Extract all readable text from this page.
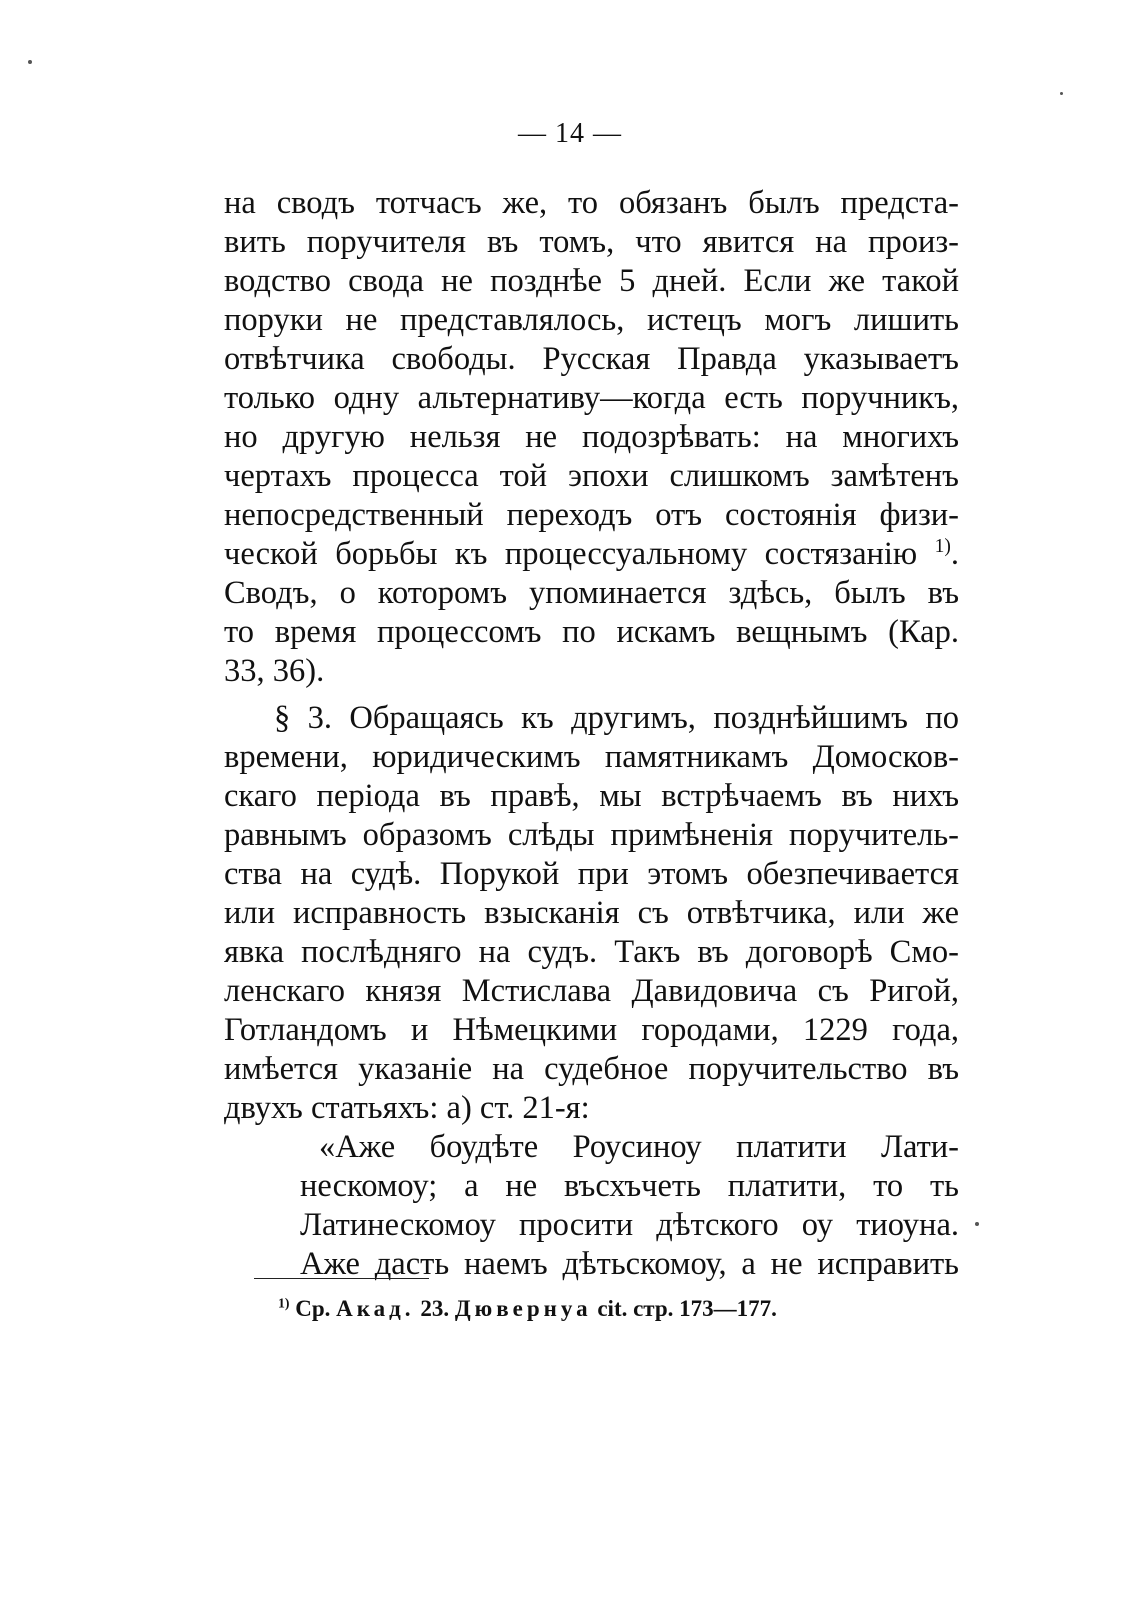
— 14 —
на сводъ тотчасъ же, то обязанъ былъ предста-
вить поручителя въ томъ, что явится на произ-
водство свода не позднѣе 5 дней. Если же такой
поруки не представлялось, истецъ могъ лишить
отвѣтчика свободы. Русская Правда указываетъ
только одну альтернативу—когда есть поручникъ,
но другую нельзя не подозрѣвать: на многихъ
чертахъ процесса той эпохи слишкомъ замѣтенъ
непосредственный переходъ отъ состоянія физи-
ческой борьбы къ процессуальному состязанію $^{1)}$.
Сводъ, о которомъ упоминается здѣсь, былъ въ
то время процессомъ по искамъ вещнымъ (Кар.
33, 36).
§ 3. Обращаясь къ другимъ, позднѣйшимъ по
времени, юридическимъ памятникамъ Домосков-
скаго періода въ правѣ, мы встрѣчаемъ въ нихъ
равнымъ образомъ слѣды примѣненія поручитель-
ства на судѣ. Порукой при этомъ обезпечивается
или исправность взысканія съ отвѣтчика, или же
явка послѣдняго на судъ. Такъ въ договорѣ Смо-
ленскаго князя Мстислава Давидовича съ Ригой,
Готландомъ и Нѣмецкими городами, 1229 года,
имѣется указаніе на судебное поручительство въ
двухъ статьяхъ: а) ст. 21-я:
«Аже боудѣте Роусиноу платити Лати-
нескомоу; а не въсхъчеть платити, то ть
Латинескомоу просити дѣтского оу тиоуна.
Аже дасть наемъ дѣтьскомоу, а не исправить
$^{1)}$ Ср. Акад. 23. Дювернуа cit. стр. 173—177.
